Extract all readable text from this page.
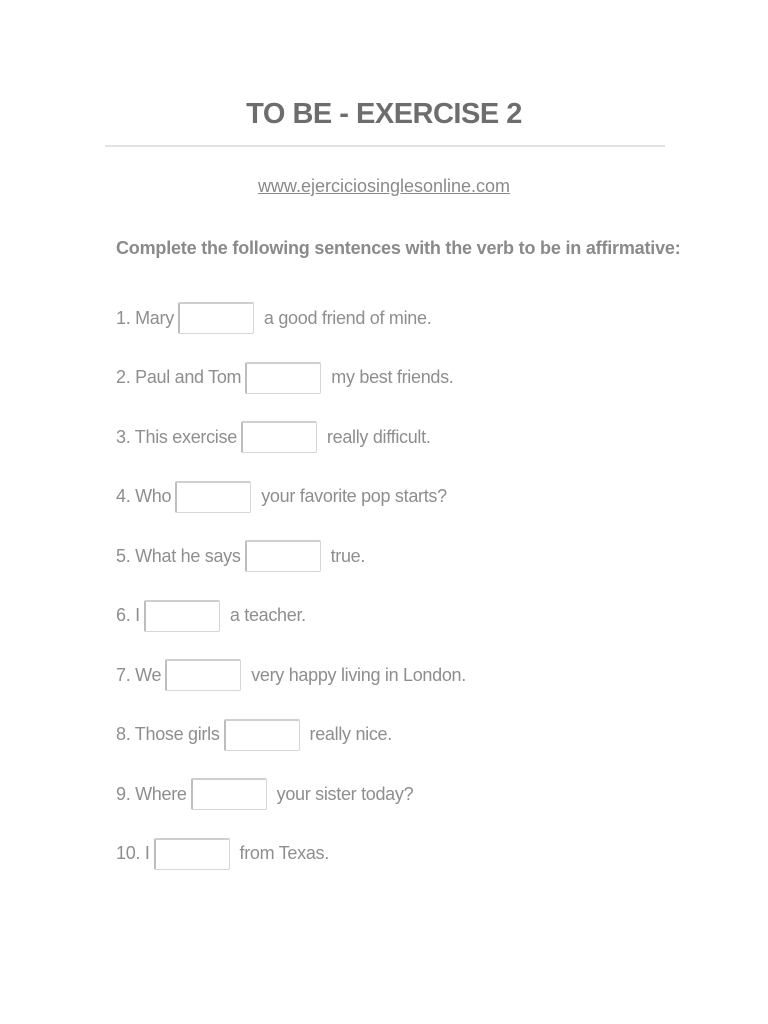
TO BE - EXERCISE 2
www.ejerciciosinglesonline.com
Complete the following sentences with the verb to be in affirmative:
1. Mary	a good friend of mine.
2. Paul and Tom	my best friends.
3. This exercise	really difficult.
4. Who	your favorite pop starts?
5. What he says	true.
6. I	a teacher.
7. We	very happy living in London.
8. Those girls	really nice.
9. Where	your sister today?
10. I	from Texas.
